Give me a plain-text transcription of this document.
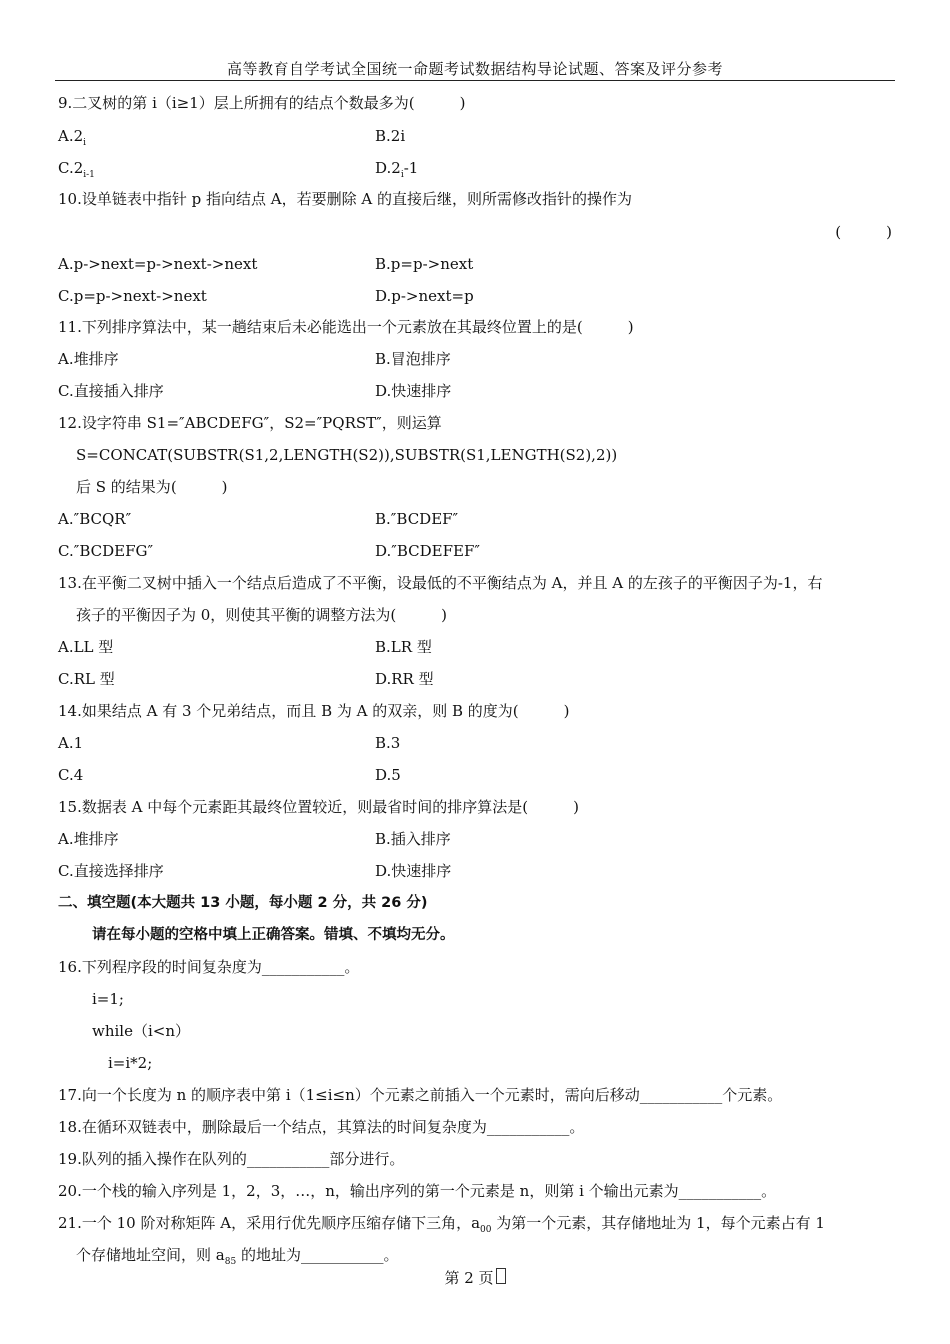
高等教育自学考试全国统一命题考试数据结构导论试题、答案及评分参考
9.二叉树的第 i（i≥1）层上所拥有的结点个数最多为(　　　)
$A.2_i$	B.2i
$C.2_{i-1}$	$D.2_i-1$
10.设单链表中指针 p 指向结点 A，若要删除 A 的直接后继，则所需修改指针的操作为
(　　　)
A.p->next=p->next->next	B.p=p->next
C.p=p->next->next	D.p->next=p
11.下列排序算法中，某一趟结束后未必能选出一个元素放在其最终位置上的是(　　　)
A.堆排序	B.冒泡排序
C.直接插入排序	D.快速排序
12.设字符串 S1=″ABCDEFG″，S2=″PQRST″，则运算
S=CONCAT(SUBSTR(S1,2,LENGTH(S2)),SUBSTR(S1,LENGTH(S2),2))
后 S 的结果为(　　　)
A.″BCQR″	B.″BCDEF″
C.″BCDEFG″	D.″BCDEFEF″
13.在平衡二叉树中插入一个结点后造成了不平衡，设最低的不平衡结点为 A，并且 A 的左孩子的平衡因子为-1，右
孩子的平衡因子为 0，则使其平衡的调整方法为(　　　)
A.LL 型	B.LR 型
C.RL 型	D.RR 型
14.如果结点 A 有 3 个兄弟结点，而且 B 为 A 的双亲，则 B 的度为(　　　)
A.1	B.3
C.4	D.5
15.数据表 A 中每个元素距其最终位置较近，则最省时间的排序算法是(　　　)
A.堆排序	B.插入排序
C.直接选择排序	D.快速排序
二、填空题(本大题共 13 小题，每小题 2 分，共 26 分)
请在每小题的空格中填上正确答案。错填、不填均无分。
16.下列程序段的时间复杂度为___________。
i=1;
while（i<n）
i=i*2;
17.向一个长度为 n 的顺序表中第 i（1≤i≤n）个元素之前插入一个元素时，需向后移动___________个元素。
18.在循环双链表中，删除最后一个结点，其算法的时间复杂度为___________。
19.队列的插入操作在队列的___________部分进行。
20.一个栈的输入序列是 1，2，3，…，n，输出序列的第一个元素是 n，则第 i 个输出元素为___________。
21.一个 10 阶对称矩阵 A，采用行优先顺序压缩存储下三角，$a_{00}$ 为第一个元素，其存储地址为 1，每个元素占有 1
个存储地址空间，则 $a_{85}$ 的地址为___________。
第 2 页
